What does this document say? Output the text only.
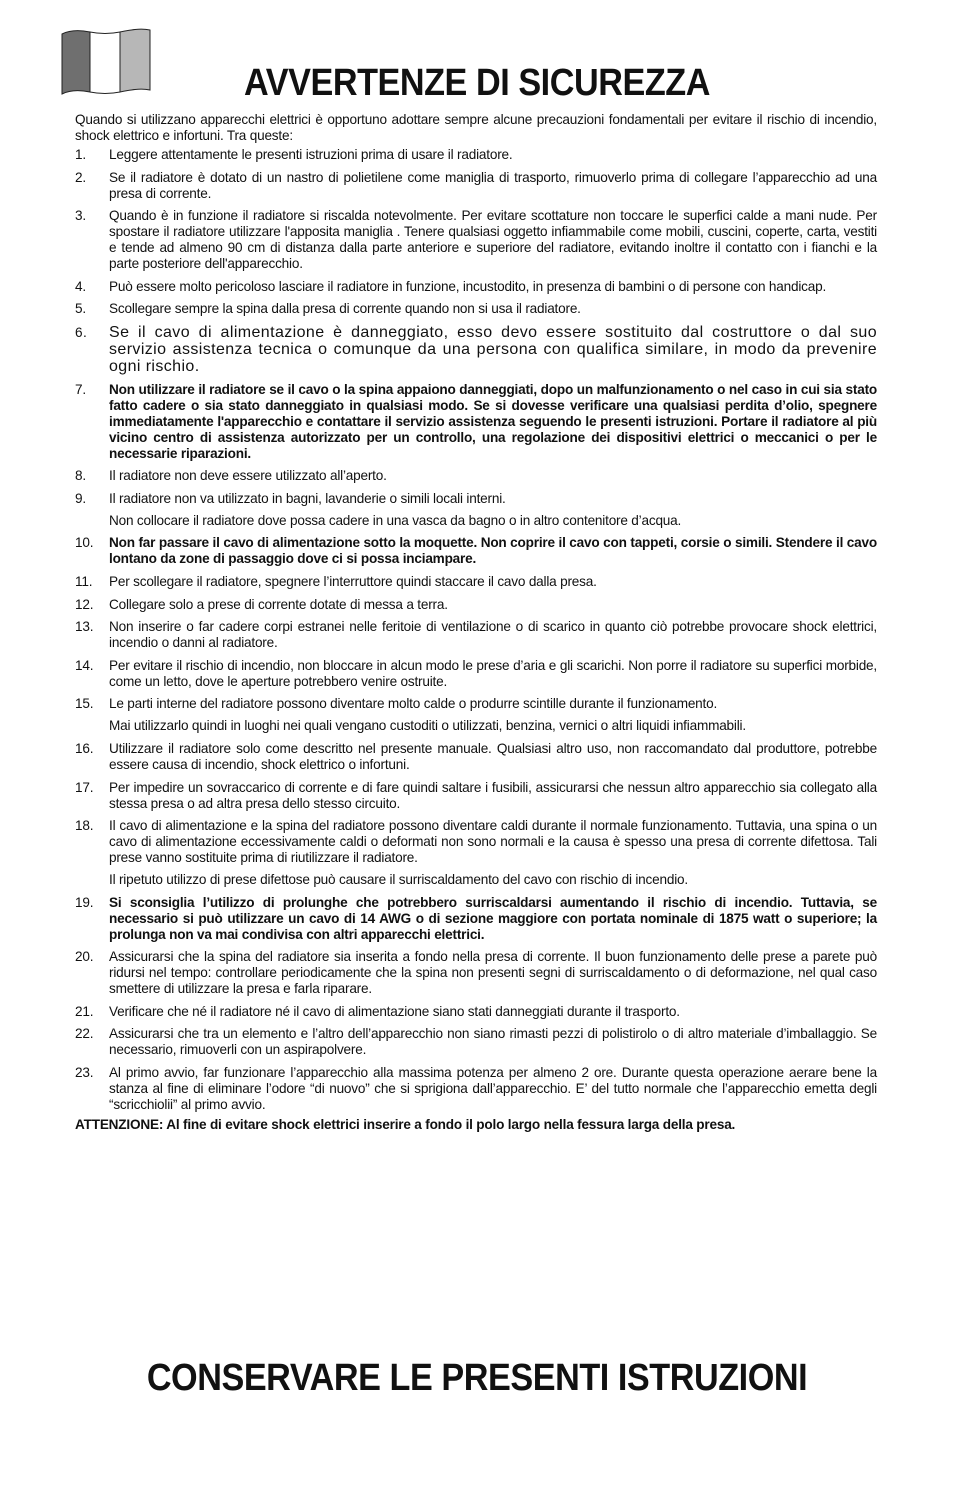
AVVERTENZE DI SICUREZZA

Quando si utilizzano apparecchi elettrici è opportuno adottare sempre alcune precauzioni fondamentali per evitare il rischio di incendio, shock elettrico e infortuni. Tra queste:

1. Leggere attentamente le presenti istruzioni prima di usare il radiatore.
2. Se il radiatore è dotato di un nastro di polietilene come maniglia di trasporto, rimuoverlo prima di collegare l’apparecchio ad una presa di corrente.
3. Quando è in funzione il radiatore si riscalda notevolmente. Per evitare scottature non toccare le superfici calde a mani nude. Per spostare il radiatore utilizzare l'apposita maniglia . Tenere qualsiasi oggetto infiammabile come mobili, cuscini, coperte, carta, vestiti e tende ad almeno 90 cm di distanza dalla parte anteriore e superiore del radiatore, evitando inoltre il contatto con i fianchi e la parte posteriore dell'apparecchio.
4. Può essere molto pericoloso lasciare il radiatore in funzione, incustodito, in presenza di bambini o di persone con handicap.
5. Scollegare sempre la spina dalla presa di corrente quando non si usa il radiatore.
6. Se il cavo di alimentazione è danneggiato, esso devo essere sostituito dal costruttore o dal suo servizio assistenza tecnica o comunque da una persona con qualifica similare, in modo da prevenire ogni rischio.
7. Non utilizzare il radiatore se il cavo o la spina appaiono danneggiati, dopo un malfunzionamento o nel caso in cui sia stato fatto cadere o sia stato danneggiato in qualsiasi modo. Se si dovesse verificare una qualsiasi perdita d’olio, spegnere immediatamente l'apparecchio e contattare il servizio assistenza seguendo le presenti istruzioni. Portare il radiatore al più vicino centro di assistenza autorizzato per un controllo, una regolazione dei dispositivi elettrici o meccanici o per le necessarie riparazioni.
8. Il radiatore non deve essere utilizzato all’aperto.
9. Il radiatore non va utilizzato in bagni, lavanderie o simili locali interni.
Non collocare il radiatore dove possa cadere in una vasca da bagno o in altro contenitore d’acqua.
10. Non far passare il cavo di alimentazione sotto la moquette. Non coprire il cavo con tappeti, corsie o simili. Stendere il cavo lontano da zone di passaggio dove ci si possa inciampare.
11. Per scollegare il radiatore, spegnere l’interruttore quindi staccare il cavo dalla presa.
12. Collegare solo a prese di corrente dotate di messa a terra.
13. Non inserire o far cadere corpi estranei nelle feritoie di ventilazione o di scarico in quanto ciò potrebbe provocare shock elettrici, incendio o danni al radiatore.
14. Per evitare il rischio di incendio, non bloccare in alcun modo le prese d’aria e gli scarichi. Non porre il radiatore su superfici morbide, come un letto, dove le aperture potrebbero venire ostruite.
15. Le parti interne del radiatore possono diventare molto calde o produrre scintille durante il funzionamento.
Mai utilizzarlo quindi in luoghi nei quali vengano custoditi o utilizzati, benzina, vernici o altri liquidi infiammabili.
16. Utilizzare il radiatore solo come descritto nel presente manuale. Qualsiasi altro uso, non raccomandato dal produttore, potrebbe essere causa di incendio, shock elettrico o infortuni.
17. Per impedire un sovraccarico di corrente e di fare quindi saltare i fusibili, assicurarsi che nessun altro apparecchio sia collegato alla stessa presa o ad altra presa dello stesso circuito.
18. Il cavo di alimentazione e la spina del radiatore possono diventare caldi durante il normale funzionamento. Tuttavia, una spina o un cavo di alimentazione eccessivamente caldi o deformati non sono normali e la causa è spesso una presa di corrente difettosa. Tali prese vanno sostituite prima di riutilizzare il radiatore.
Il ripetuto utilizzo di prese difettose può causare il surriscaldamento del cavo con rischio di incendio.
19. Si sconsiglia l’utilizzo di prolunghe che potrebbero surriscaldarsi aumentando il rischio di incendio. Tuttavia, se necessario si può utilizzare un cavo di 14 AWG o di sezione maggiore con portata nominale di 1875 watt o superiore; la prolunga non va mai condivisa con altri apparecchi elettrici.
20. Assicurarsi che la spina del radiatore sia inserita a fondo nella presa di corrente. Il buon funzionamento delle prese a parete può ridursi nel tempo: controllare periodicamente che la spina non presenti segni di surriscaldamento o di deformazione, nel qual caso smettere di utilizzare la presa e farla riparare.
21. Verificare che né il radiatore né il cavo di alimentazione siano stati danneggiati durante il trasporto.
22. Assicurarsi che tra un elemento e l’altro dell’apparecchio non siano rimasti pezzi di polistirolo o di altro materiale d’imballaggio. Se necessario, rimuoverli con un aspirapolvere.
23. Al primo avvio, far funzionare l’apparecchio alla massima potenza per almeno 2 ore. Durante questa operazione aerare bene la stanza al fine di eliminare l’odore “di nuovo” che si sprigiona dall’apparecchio. E’ del tutto normale che l’apparecchio emetta degli “scricchiolii” al primo avvio.

ATTENZIONE: Al fine di evitare shock elettrici inserire a fondo il polo largo nella fessura larga della presa.

CONSERVARE LE PRESENTI ISTRUZIONI
